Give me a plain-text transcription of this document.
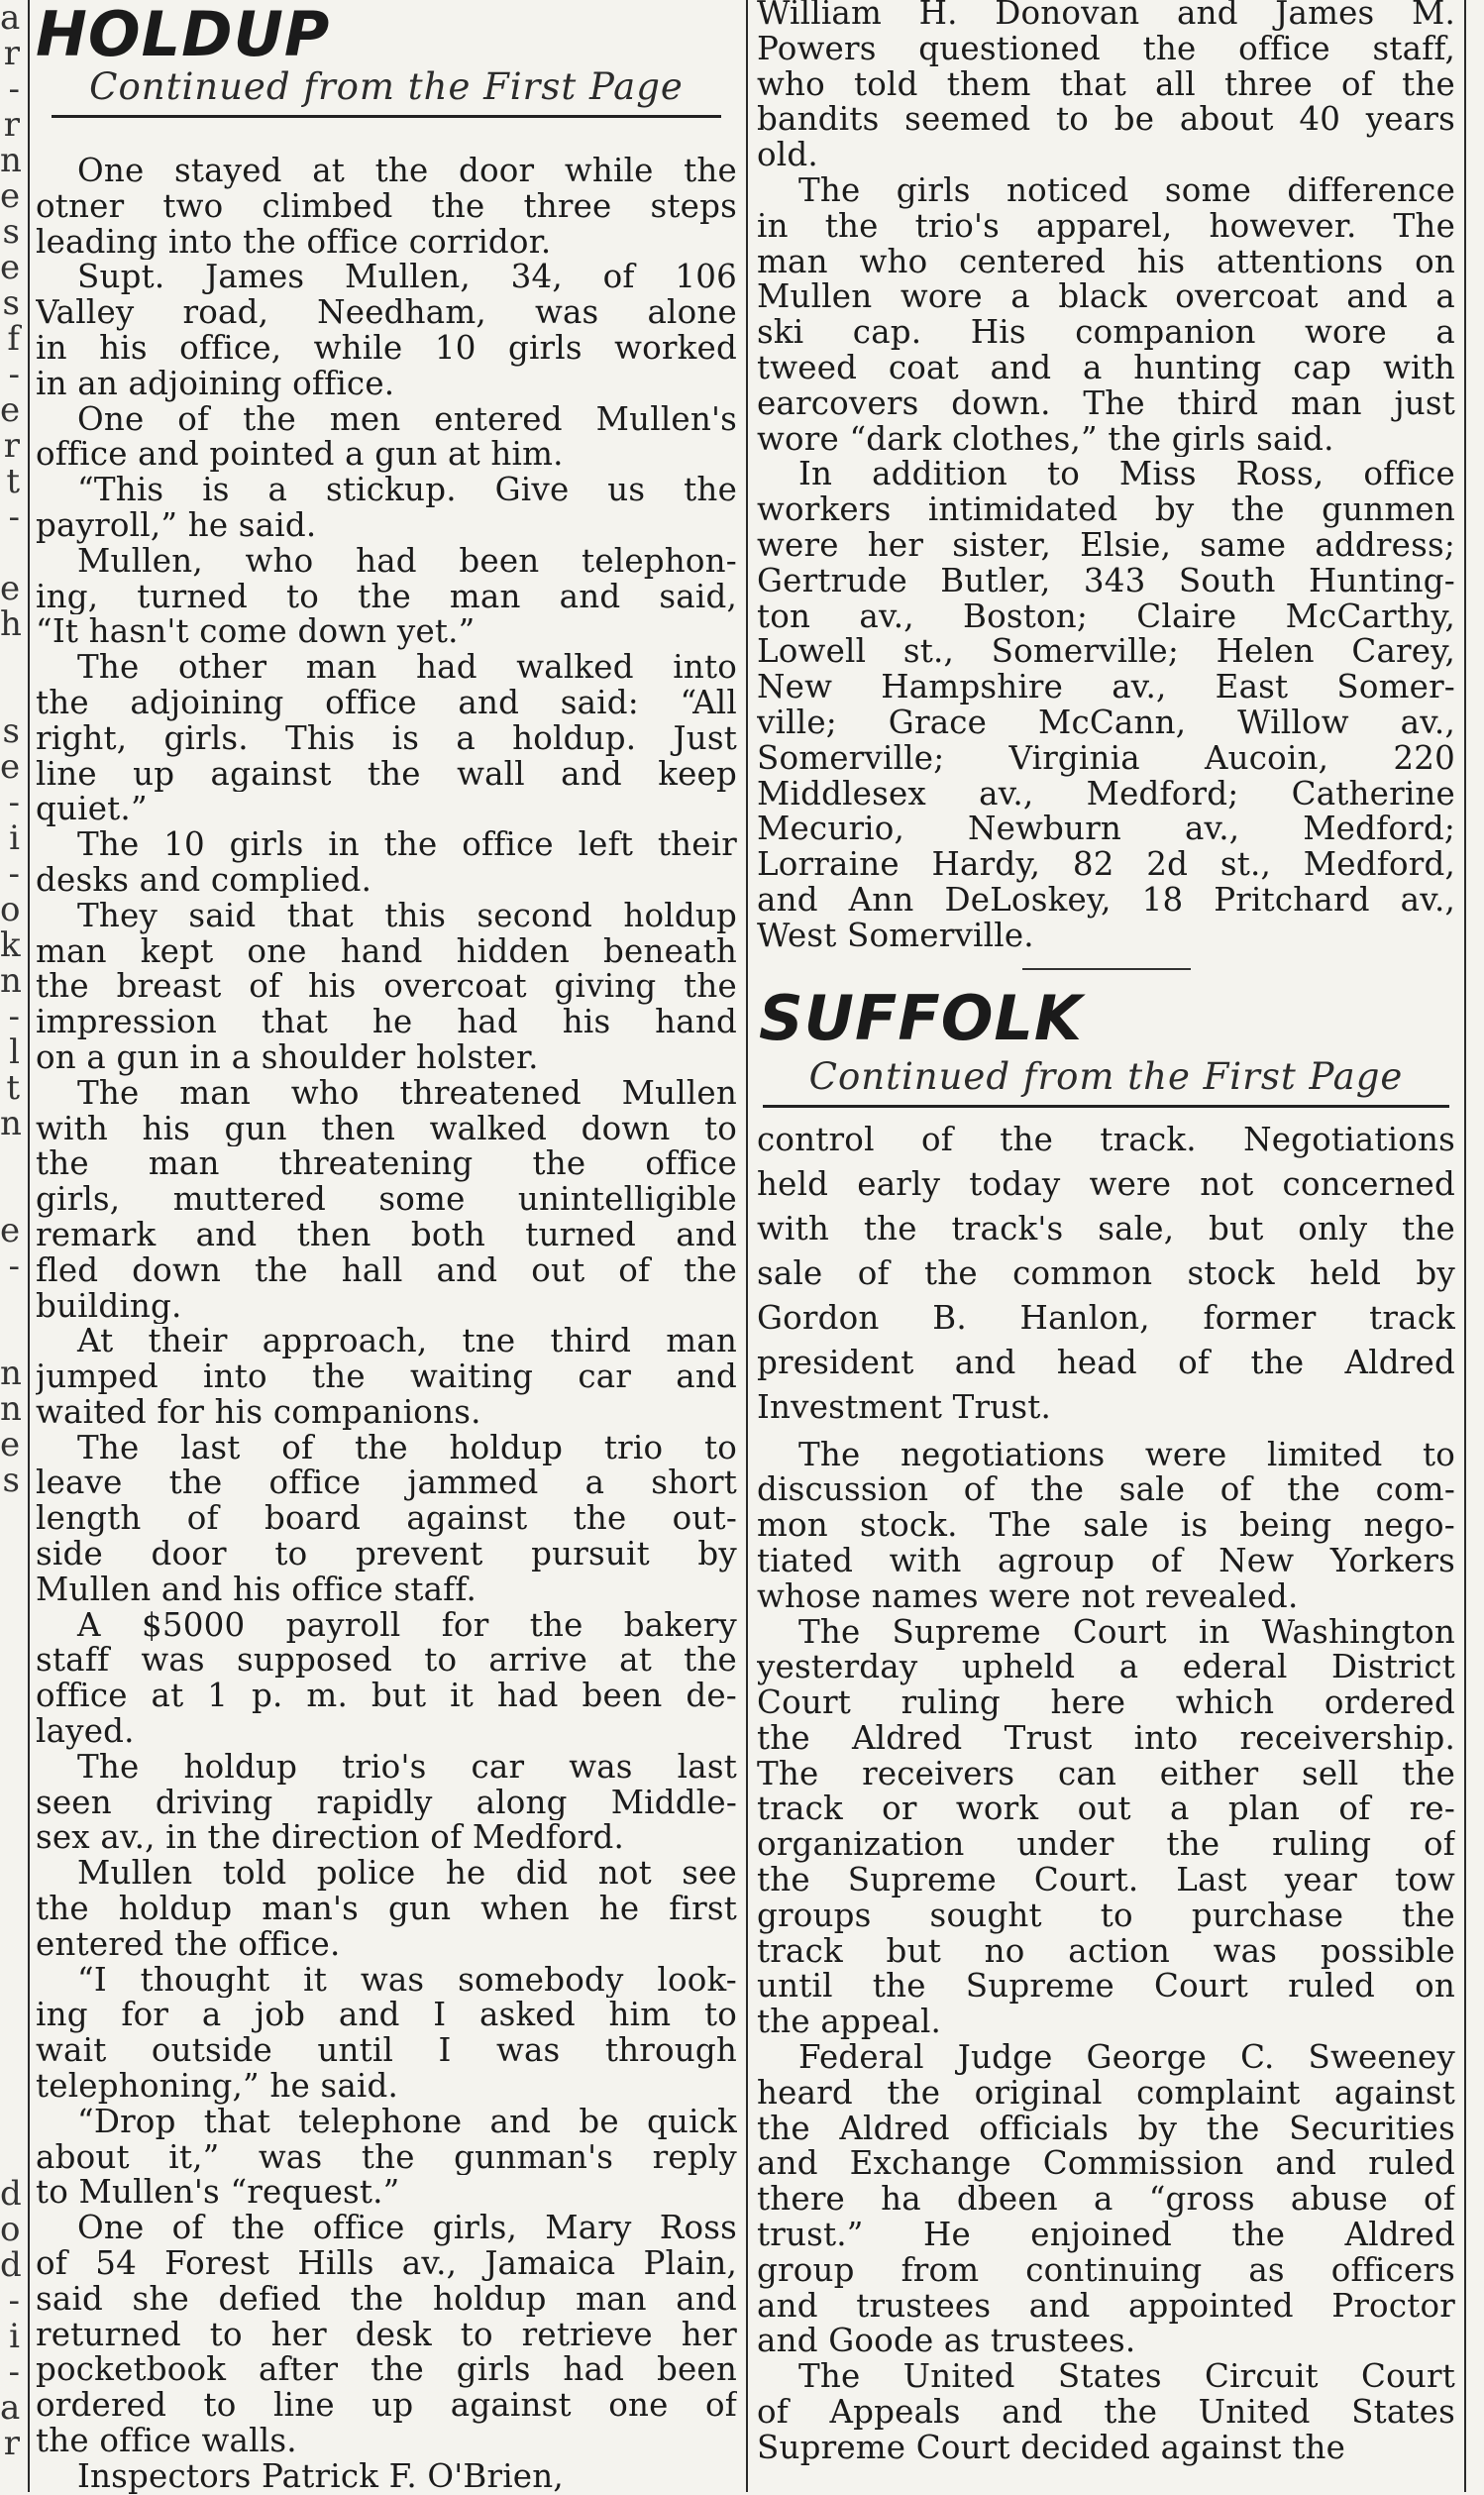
a
r
-
r
n
e
s
e
s
f
-
e
r
t
-

e
h

s
e
-
i
-
o
k
n
-
l
t
n

e
-

n
n
e
s

d
o
d
-
i
-
a
r

HOLDUP
Continued from the First Page
One stayed at the door while the
otner two climbed the three steps
leading into the office corridor.
Supt. James Mullen, 34, of 106
Valley road, Needham, was alone
in his office, while 10 girls worked
in an adjoining office.
One of the men entered Mullen's
office and pointed a gun at him.
“This is a stickup. Give us the
payroll,” he said.
Mullen, who had been telephon-
ing, turned to the man and said,
“It hasn't come down yet.”
The other man had walked into
the adjoining office and said: “All
right, girls. This is a holdup. Just
line up against the wall and keep
quiet.”
The 10 girls in the office left their
desks and complied.
They said that this second holdup
man kept one hand hidden beneath
the breast of his overcoat giving the
impression that he had his hand
on a gun in a shoulder holster.
The man who threatened Mullen
with his gun then walked down to
the man threatening the office
girls, muttered some unintelligible
remark and then both turned and
fled down the hall and out of the
building.
At their approach, tne third man
jumped into the waiting car and
waited for his companions.
The last of the holdup trio to
leave the office jammed a short
length of board against the out-
side door to prevent pursuit by
Mullen and his office staff.
A $5000 payroll for the bakery
staff was supposed to arrive at the
office at 1 p. m. but it had been de-
layed.
The holdup trio's car was last
seen driving rapidly along Middle-
sex av., in the direction of Medford.
Mullen told police he did not see
the holdup man's gun when he first
entered the office.
“I thought it was somebody look-
ing for a job and I asked him to
wait outside until I was through
telephoning,” he said.
“Drop that telephone and be quick
about it,” was the gunman's reply
to Mullen's “request.”
One of the office girls, Mary Ross
of 54 Forest Hills av., Jamaica Plain,
said she defied the holdup man and
returned to her desk to retrieve her
pocketbook after the girls had been
ordered to line up against one of
the office walls.
Inspectors Patrick F. O'Brien,
William H. Donovan and James M.
Powers questioned the office staff,
who told them that all three of the
bandits seemed to be about 40 years
old.
The girls noticed some difference
in the trio's apparel, however. The
man who centered his attentions on
Mullen wore a black overcoat and a
ski cap. His companion wore a
tweed coat and a hunting cap with
earcovers down. The third man just
wore “dark clothes,” the girls said.
In addition to Miss Ross, office
workers intimidated by the gunmen
were her sister, Elsie, same address;
Gertrude Butler, 343 South Hunting-
ton av., Boston; Claire McCarthy,
Lowell st., Somerville; Helen Carey,
New Hampshire av., East Somer-
ville; Grace McCann, Willow av.,
Somerville; Virginia Aucoin, 220
Middlesex av., Medford; Catherine
Mecurio, Newburn av., Medford;
Lorraine Hardy, 82 2d st., Medford,
and Ann DeLoskey, 18 Pritchard av.,
West Somerville.
SUFFOLK
Continued from the First Page
control of the track. Negotiations
held early today were not concerned
with the track's sale, but only the
sale of the common stock held by
Gordon B. Hanlon, former track
president and head of the Aldred
Investment Trust.
The negotiations were limited to
discussion of the sale of the com-
mon stock. The sale is being nego-
tiated with agroup of New Yorkers
whose names were not revealed.
The Supreme Court in Washington
yesterday upheld a ederal District
Court ruling here which ordered
the Aldred Trust into receivership.
The receivers can either sell the
track or work out a plan of re-
organization under the ruling of
the Supreme Court. Last year tow
groups sought to purchase the
track but no action was possible
until the Supreme Court ruled on
the appeal.
Federal Judge George C. Sweeney
heard the original complaint against
the Aldred officials by the Securities
and Exchange Commission and ruled
there ha dbeen a “gross abuse of
trust.” He enjoined the Aldred
group from continuing as officers
and trustees and appointed Proctor
and Goode as trustees.
The United States Circuit Court
of Appeals and the United States
Supreme Court decided against the
